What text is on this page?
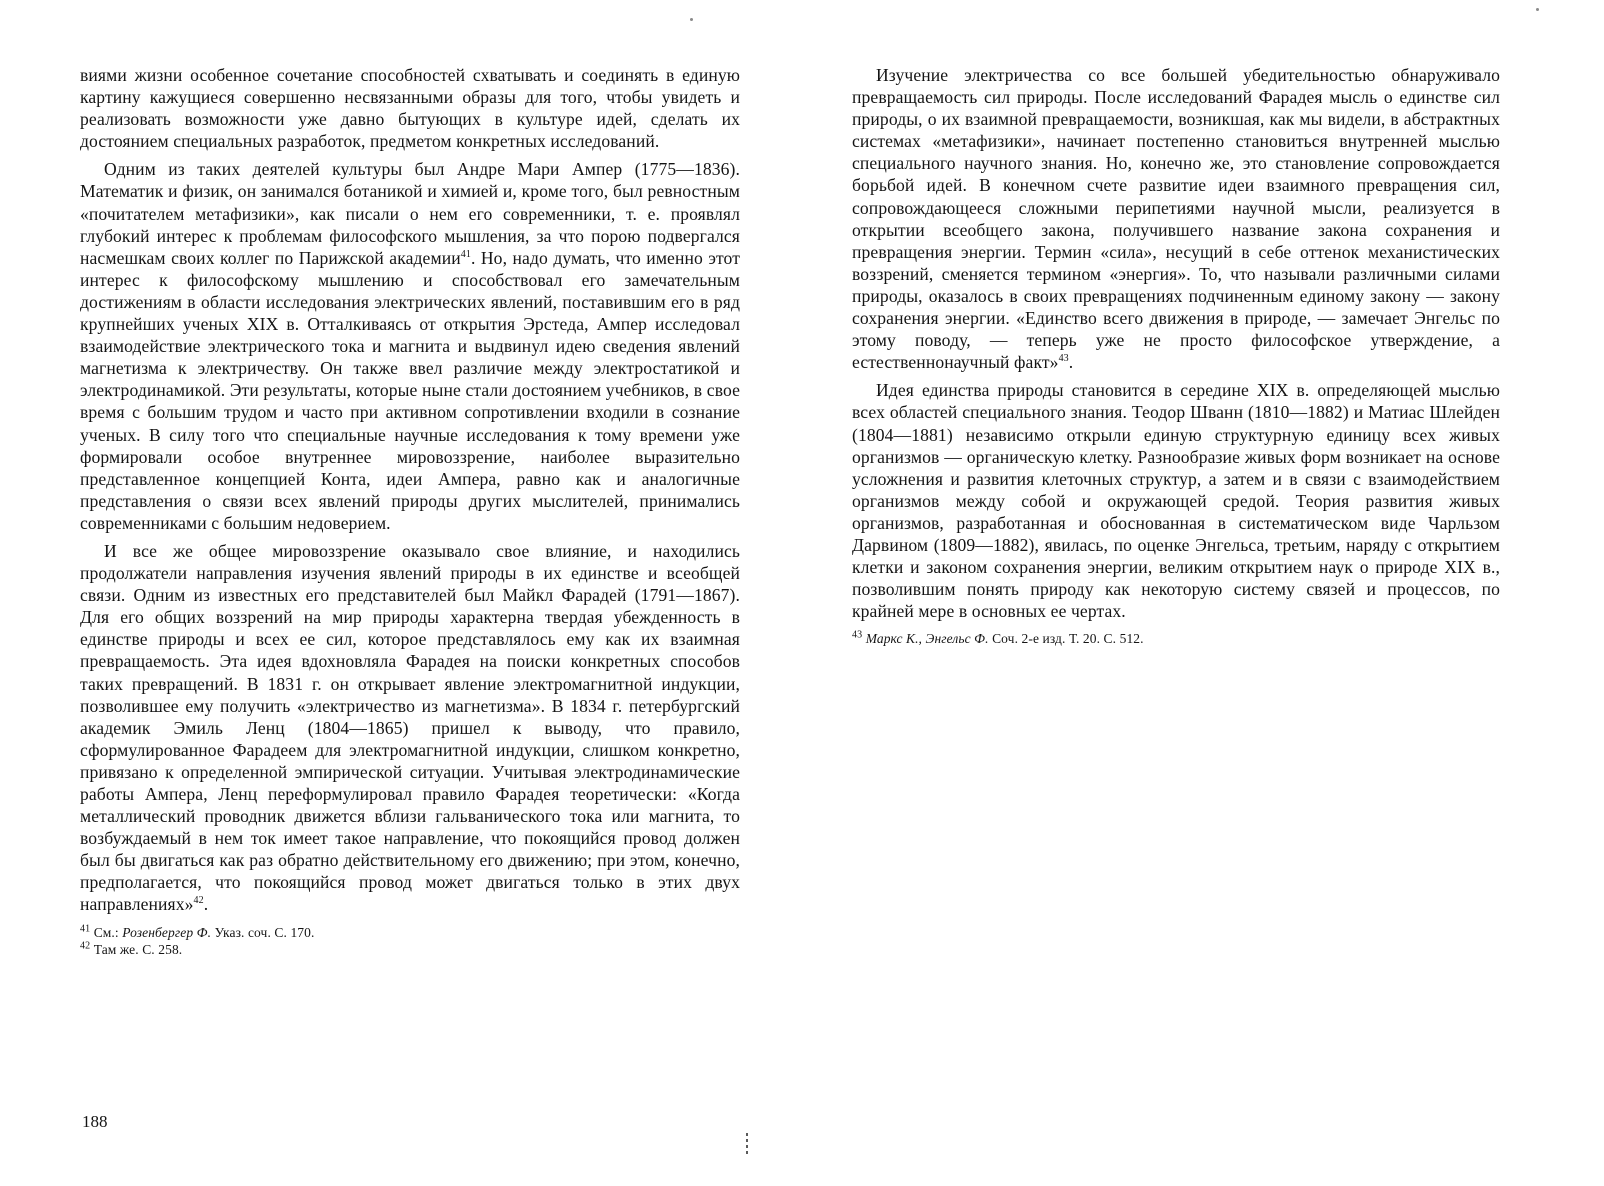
виями жизни особенное сочетание способностей схватывать и соединять в единую картину кажущиеся совершенно несвязанными образы для того, чтобы увидеть и реализовать возможности уже давно бытующих в культуре идей, сделать их достоянием специальных разработок, предметом конкретных исследований.

Одним из таких деятелей культуры был Андре Мари Ампер (1775—1836). Математик и физик, он занимался ботаникой и химией и, кроме того, был ревностным «почитателем метафизики», как писали о нем его современники, т. е. проявлял глубокий интерес к проблемам философского мышления, за что порою подвергался насмешкам своих коллег по Парижской академии$^{41}$. Но, надо думать, что именно этот интерес к философскому мышлению и способствовал его замечательным достижениям в области исследования электрических явлений, поставившим его в ряд крупнейших ученых XIX в. Отталкиваясь от открытия Эрстеда, Ампер исследовал взаимодействие электрического тока и магнита и выдвинул идею сведения явлений магнетизма к электричеству. Он также ввел различие между электростатикой и электродинамикой. Эти результаты, которые ныне стали достоянием учебников, в свое время с большим трудом и часто при активном сопротивлении входили в сознание ученых. В силу того что специальные научные исследования к тому времени уже формировали особое внутреннее мировоззрение, наиболее выразительно представленное концепцией Конта, идеи Ампера, равно как и аналогичные представления о связи всех явлений природы других мыслителей, принимались современниками с большим недоверием.

И все же общее мировоззрение оказывало свое влияние, и находились продолжатели направления изучения явлений природы в их единстве и всеобщей связи. Одним из известных его представителей был Майкл Фарадей (1791—1867). Для его общих воззрений на мир природы характерна твердая убежденность в единстве природы и всех ее сил, которое представлялось ему как их взаимная превращаемость. Эта идея вдохновляла Фарадея на поиски конкретных способов таких превращений. В 1831 г. он открывает явление электромагнитной индукции, позволившее ему получить «электричество из магнетизма». В 1834 г. петербургский академик Эмиль Ленц (1804—1865) пришел к выводу, что правило, сформулированное Фарадеем для электромагнитной индукции, слишком конкретно, привязано к определенной эмпирической ситуации. Учитывая электродинамические работы Ампера, Ленц переформулировал правило Фарадея теоретически: «Когда металлический проводник движется вблизи гальванического тока или магнита, то возбуждаемый в нем ток имеет такое направление, что покоящийся провод должен был бы двигаться как раз обратно действительному его движению; при этом, конечно, предполагается, что покоящийся провод может двигаться только в этих двух направлениях»$^{42}$.

$^{41}$ См.: Розенбергер Ф. Указ. соч. С. 170.

$^{42}$ Там же. С. 258.

188

Изучение электричества со все большей убедительностью обнаруживало превращаемость сил природы. После исследований Фарадея мысль о единстве сил природы, о их взаимной превращаемости, возникшая, как мы видели, в абстрактных системах «метафизики», начинает постепенно становиться внутренней мыслью специального научного знания. Но, конечно же, это становление сопровождается борьбой идей. В конечном счете развитие идеи взаимного превращения сил, сопровождающееся сложными перипетиями научной мысли, реализуется в открытии всеобщего закона, получившего название закона сохранения и превращения энергии. Термин «сила», несущий в себе оттенок механистических воззрений, сменяется термином «энергия». То, что называли различными силами природы, оказалось в своих превращениях подчиненным единому закону — закону сохранения энергии. «Единство всего движения в природе, — замечает Энгельс по этому поводу, — теперь уже не просто философское утверждение, а естественнонаучный факт»$^{43}$.

Идея единства природы становится в середине XIX в. определяющей мыслью всех областей специального знания. Теодор Шванн (1810—1882) и Матиас Шлейден (1804—1881) независимо открыли единую структурную единицу всех живых организмов — органическую клетку. Разнообразие живых форм возникает на основе усложнения и развития клеточных структур, а затем и в связи с взаимодействием организмов между собой и окружающей средой. Теория развития живых организмов, разработанная и обоснованная в систематическом виде Чарльзом Дарвином (1809—1882), явилась, по оценке Энгельса, третьим, наряду с открытием клетки и законом сохранения энергии, великим открытием наук о природе XIX в., позволившим понять природу как некоторую систему связей и процессов, по крайней мере в основных ее чертах.

$^{43}$ Маркс К., Энгельс Ф. Соч. 2-е изд. Т. 20. С. 512.
